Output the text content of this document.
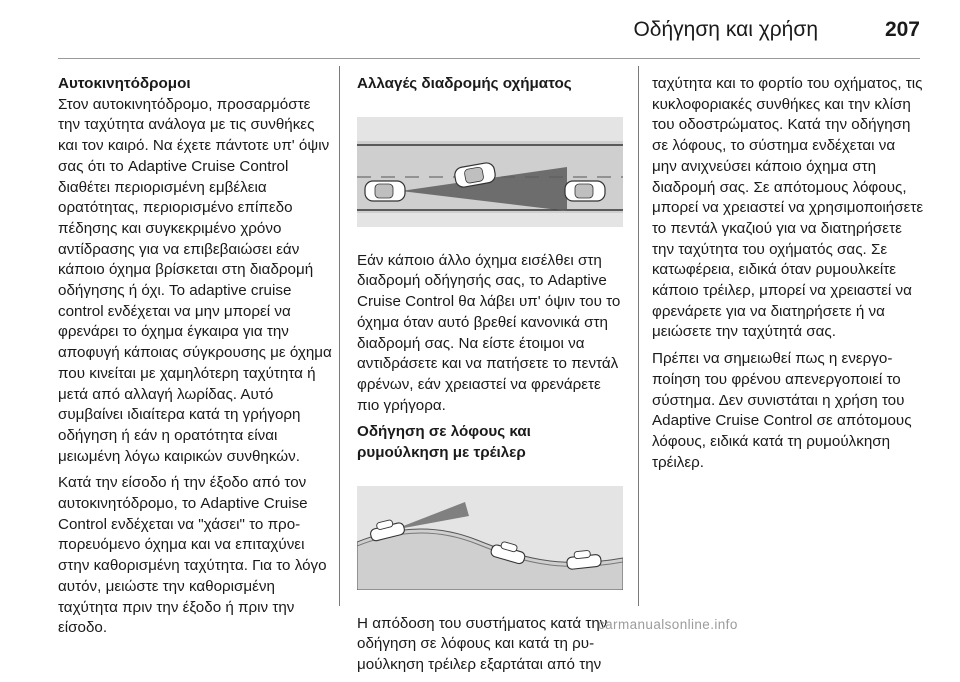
Οδήγηση και χρήση	207
Αυτοκινητόδρομοι

Στον αυτοκινητόδρομο, προσαρμόστε την ταχύτητα ανάλογα με τις συνθήκες και τον καιρό. Να έχετε πάντοτε υπ' όψιν σας ότι το Adaptive Cruise Control διαθέτει περιορισμένη εμβέλεια ορατότητας, περιορισμένο επίπεδο πέδησης και συγκεκριμένο χρόνο αντίδρασης για να επιβεβαιώσει εάν κάποιο όχημα βρίσκεται στη διαδρομή οδήγησης ή όχι. Το adaptive cruise control ενδέχεται να μην μπορεί να φρενάρει το όχημα έγκαιρα για την αποφυγή κάποιας σύγκρουσης με όχημα που κινείται με χαμηλότερη ταχύτητα ή μετά από αλλαγή λωρίδας. Αυτό συμβαίνει ιδιαίτερα κατά τη γρήγορη οδήγηση ή εάν η ορατότητα είναι μειωμένη λόγω καιρικών συνθηκών.

Κατά την είσοδο ή την έξοδο από τον αυτοκινητόδρομο, το Adaptive Cruise Control ενδέχεται να "χάσει" το προπορευόμενο όχημα και να επιταχύνει στην καθορισμένη ταχύτητα. Για το λόγο αυτόν, μειώστε την καθορισμένη ταχύτητα πριν την έξοδο ή πριν την είσοδο.

Αλλαγές διαδρομής οχήματος

Εάν κάποιο άλλο όχημα εισέλθει στη διαδρομή οδήγησής σας, το Adaptive Cruise Control θα λάβει υπ' όψιν του το όχημα όταν αυτό βρεθεί κανονικά στη διαδρομή σας. Να είστε έτοιμοι να αντιδράσετε και να πατήσετε το πεντάλ φρένων, εάν χρειαστεί να φρενάρετε πιο γρήγορα.

Οδήγηση σε λόφους και ρυμούλκηση με τρέιλερ

Η απόδοση του συστήματος κατά την οδήγηση σε λόφους και κατά τη ρυμούλκηση τρέιλερ εξαρτάται από την

ταχύτητα και το φορτίο του οχήματος, τις κυκλοφοριακές συνθήκες και την κλίση του οδοστρώματος. Κατά την οδήγηση σε λόφους, το σύστημα ενδέχεται να μην ανιχνεύσει κάποιο όχημα στη διαδρομή σας. Σε απότομους λόφους, μπορεί να χρειαστεί να χρησιμοποιήσετε το πεντάλ γκαζιού για να διατηρήσετε την ταχύτητα του οχήματός σας. Σε κατωφέρεια, ειδικά όταν ρυμουλκείτε κάποιο τρέιλερ, μπορεί να χρειαστεί να φρενάρετε για να διατηρήσετε ή να μειώσετε την ταχύτητά σας.

Πρέπει να σημειωθεί πως η ενεργοποίηση του φρένου απενεργοποιεί το σύστημα. Δεν συνιστάται η χρήση του Adaptive Cruise Control σε απότομους λόφους, ειδικά κατά τη ρυμούλκηση τρέιλερ.

carmanualsonline.info
